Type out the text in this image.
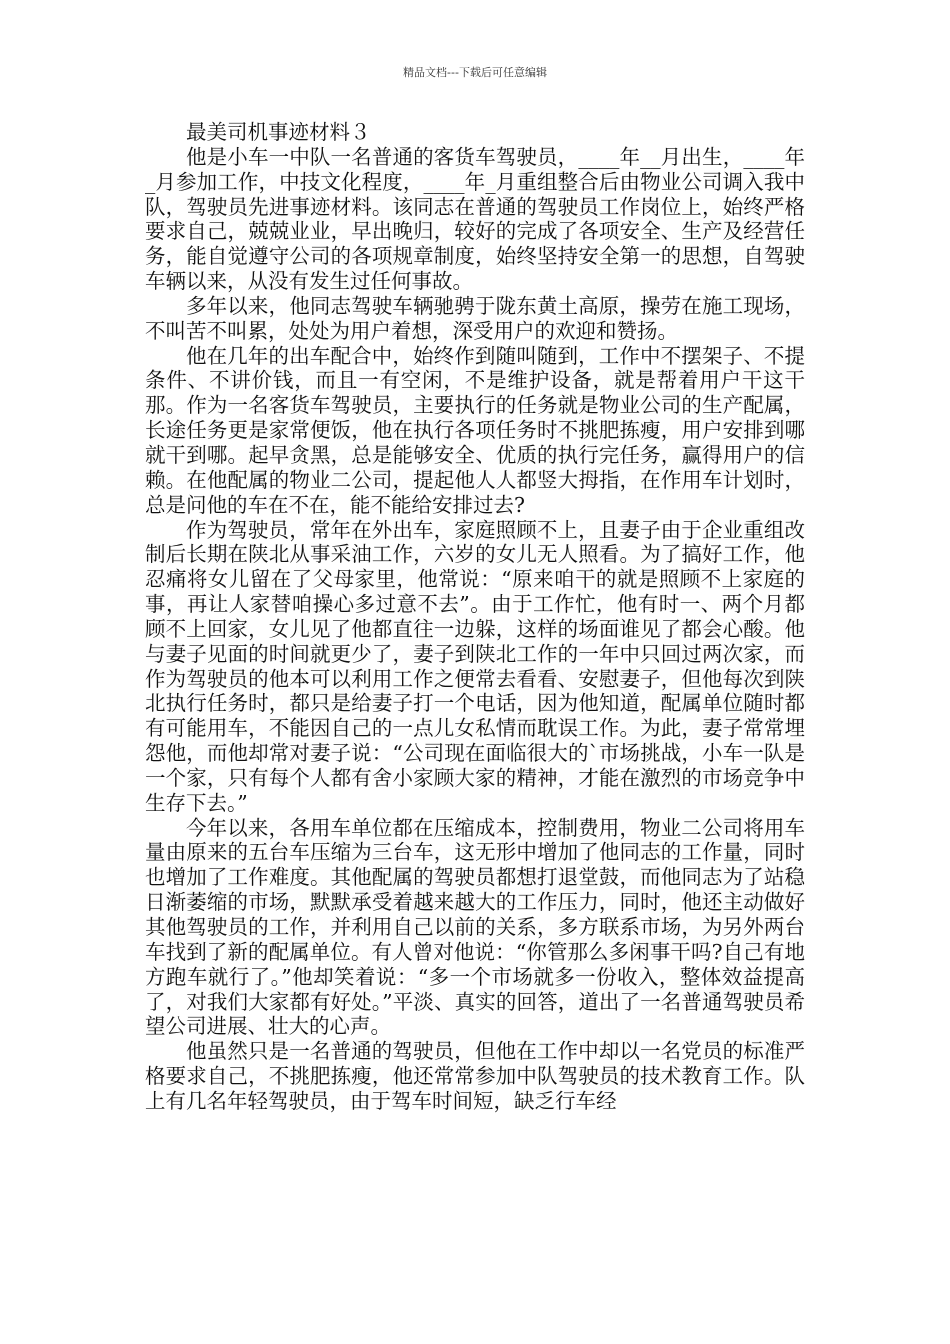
精品文档---下载后可任意编辑
最美司机事迹材料３

他是小车一中队一名普通的客货车驾驶员，____年__月出生，____年_月参加工作，中技文化程度，____年_月重组整合后由物业公司调入我中队，驾驶员先进事迹材料。该同志在普通的驾驶员工作岗位上，始终严格要求自己，兢兢业业，早出晚归，较好的完成了各项安全、生产及经营任务，能自觉遵守公司的各项规章制度，始终坚持安全第一的思想，自驾驶车辆以来，从没有发生过任何事故。

多年以来，他同志驾驶车辆驰骋于陇东黄土高原，操劳在施工现场，不叫苦不叫累，处处为用户着想，深受用户的欢迎和赞扬。

他在几年的出车配合中，始终作到随叫随到，工作中不摆架子、不提条件、不讲价钱，而且一有空闲，不是维护设备，就是帮着用户干这干那。作为一名客货车驾驶员，主要执行的任务就是物业公司的生产配属，长途任务更是家常便饭，他在执行各项任务时不挑肥拣瘦，用户安排到哪就干到哪。起早贪黑，总是能够安全、优质的执行完任务，赢得用户的信赖。在他配属的物业二公司，提起他人人都竖大拇指，在作用车计划时，总是问他的车在不在，能不能给安排过去?

作为驾驶员，常年在外出车，家庭照顾不上，且妻子由于企业重组改制后长期在陕北从事采油工作，六岁的女儿无人照看。为了搞好工作，他忍痛将女儿留在了父母家里，他常说：“原来咱干的就是照顾不上家庭的事，再让人家替咱操心多过意不去”。由于工作忙，他有时一、两个月都顾不上回家，女儿见了他都直往一边躲，这样的场面谁见了都会心酸。他与妻子见面的时间就更少了，妻子到陕北工作的一年中只回过两次家，而作为驾驶员的他本可以利用工作之便常去看看、安慰妻子，但他每次到陕北执行任务时，都只是给妻子打一个电话，因为他知道，配属单位随时都有可能用车，不能因自己的一点儿女私情而耽误工作。为此，妻子常常埋怨他，而他却常对妻子说：“公司现在面临很大的`市场挑战，小车一队是一个家，只有每个人都有舍小家顾大家的精神，才能在激烈的市场竞争中生存下去。”

今年以来，各用车单位都在压缩成本，控制费用，物业二公司将用车量由原来的五台车压缩为三台车，这无形中增加了他同志的工作量，同时也增加了工作难度。其他配属的驾驶员都想打退堂鼓，而他同志为了站稳日渐萎缩的市场，默默承受着越来越大的工作压力，同时，他还主动做好其他驾驶员的工作，并利用自己以前的关系，多方联系市场，为另外两台车找到了新的配属单位。有人曾对他说：“你管那么多闲事干吗?自己有地方跑车就行了。”他却笑着说：“多一个市场就多一份收入，整体效益提高了，对我们大家都有好处。”平淡、真实的回答，道出了一名普通驾驶员希望公司进展、壮大的心声。

他虽然只是一名普通的驾驶员，但他在工作中却以一名党员的标准严格要求自己，不挑肥拣瘦，他还常常参加中队驾驶员的技术教育工作。队上有几名年轻驾驶员，由于驾车时间短，缺乏行车经
